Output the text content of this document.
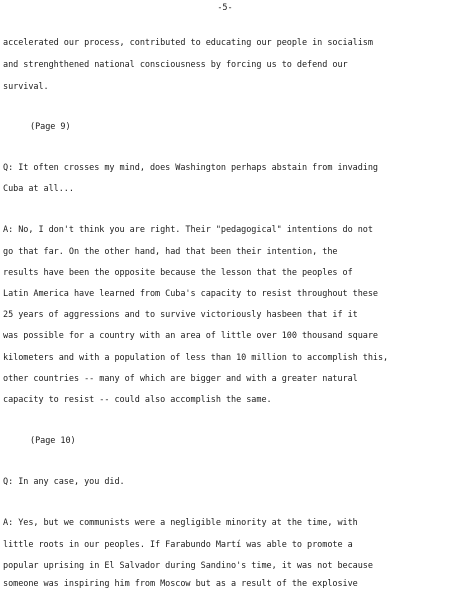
-5-
accelerated our process, contributed to educating our people in socialism
and strenghthened national consciousness by forcing us to defend our
survival.
(Page 9)
Q: It often crosses my mind, does Washington perhaps abstain from invading
Cuba at all...
A: No, I don't think you are right. Their "pedagogical" intentions do not
go that far. On the other hand, had that been their intention, the
results have been the opposite because the lesson that the peoples of
Latin America have learned from Cuba's capacity to resist throughout these
25 years of aggressions and to survive victoriously hasbeen that if it
was possible for a country with an area of little over 100 thousand square
kilometers and with a population of less than 10 million to accomplish this,
other countries -- many of which are bigger and with a greater natural
capacity to resist -- could also accomplish the same.
(Page 10)
Q: In any case, you did.
A: Yes, but we communists were a negligible minority at the time, with
little roots in our peoples. If Farabundo Martí was able to promote a
popular uprising in El Salvador during Sandino's time, it was not because
someone was inspiring him from Moscow but as a result of the explosive
